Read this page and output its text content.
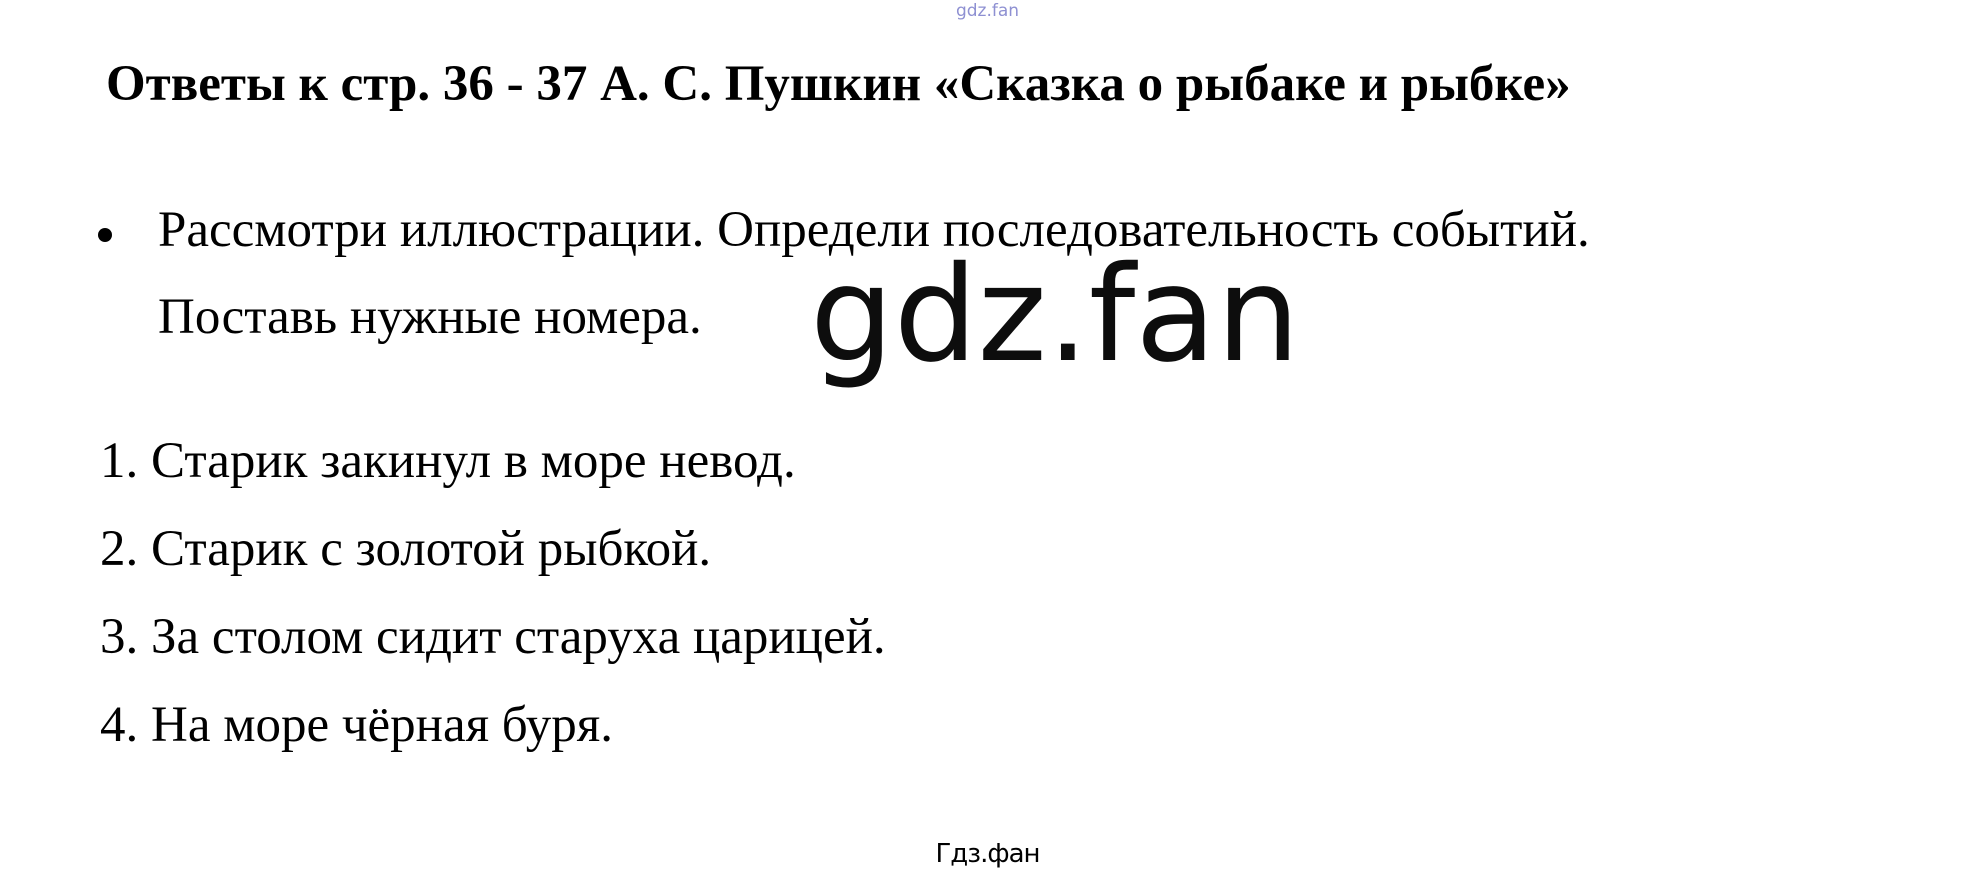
gdz.fan
Ответы к стр. 36 - 37 А. С. Пушкин «Сказка о рыбаке и рыбке»
Рассмотри иллюстрации. Определи последовательность событий.
Поставь нужные номера. gdz.fan
1. Старик закинул в море невод.
2. Старик с золотой рыбкой.
3. За столом сидит старуха царицей.
4. На море чёрная буря.
Гдз.фан
